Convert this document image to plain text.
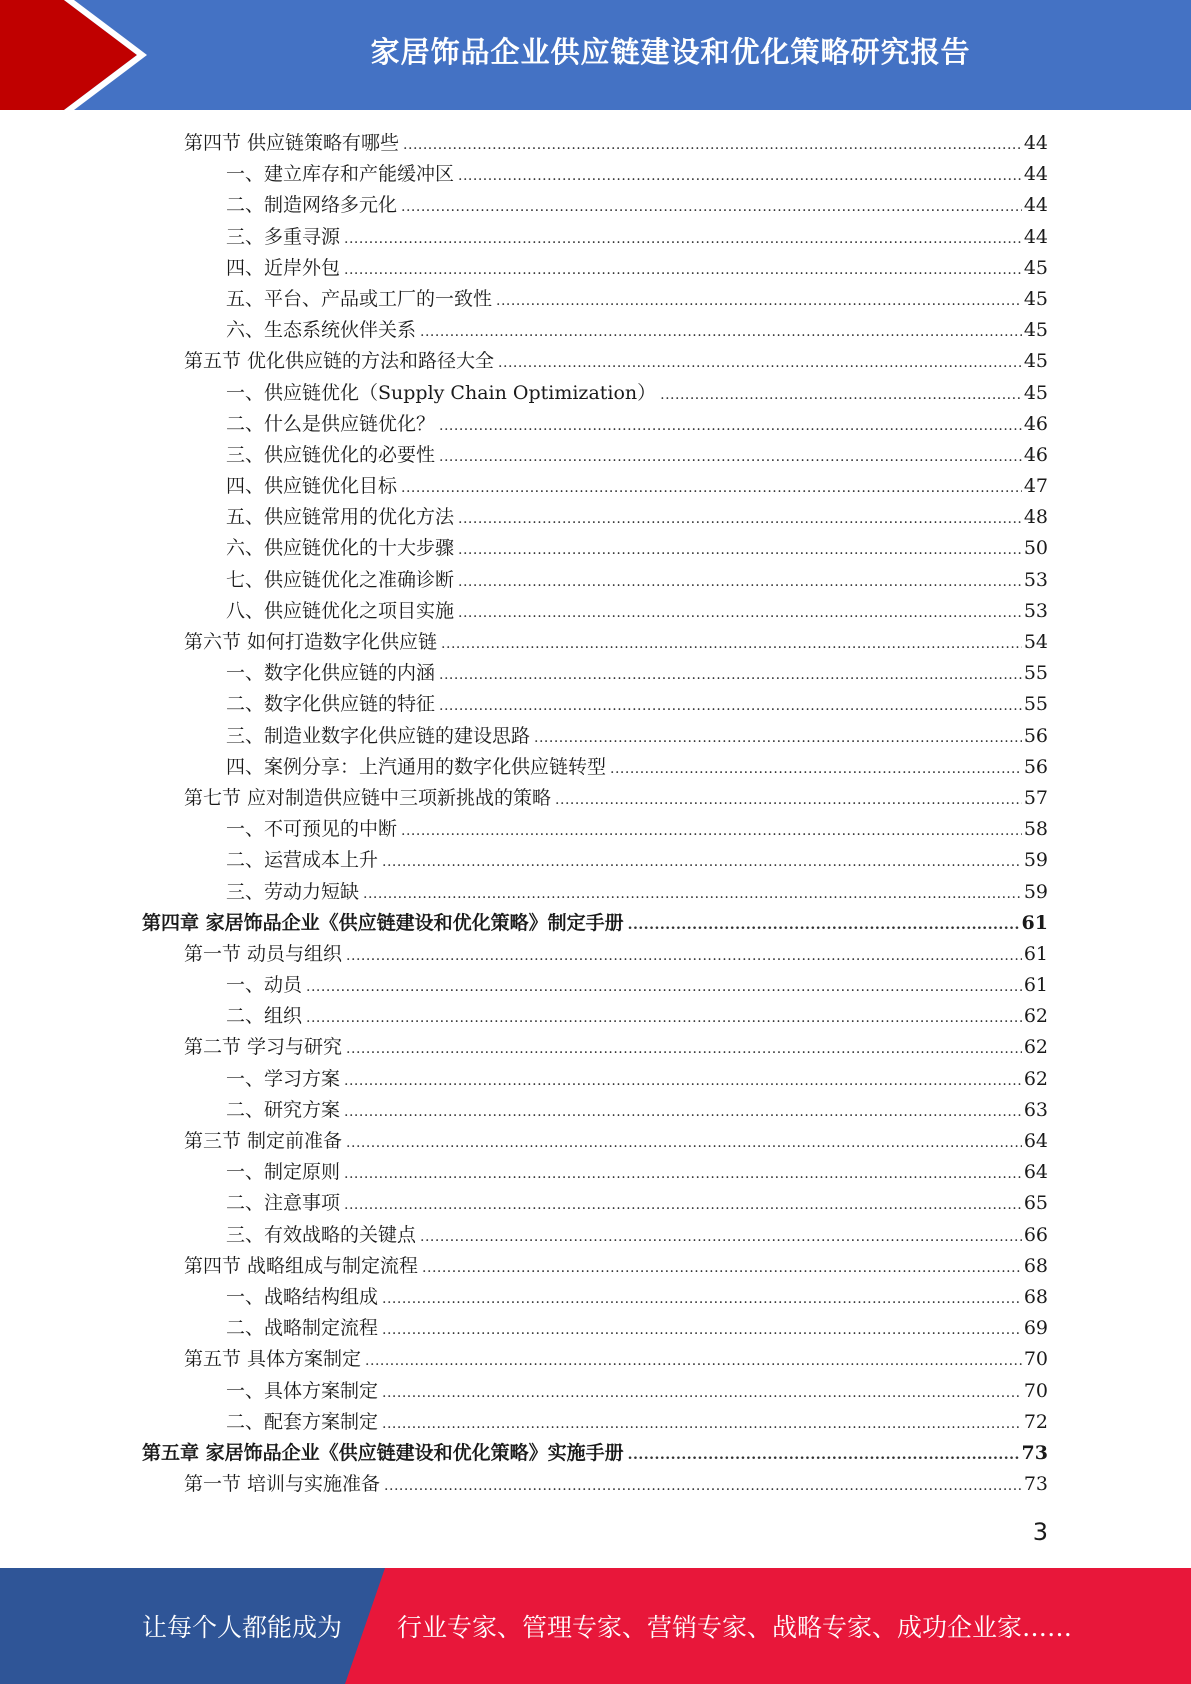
家居饰品企业供应链建设和优化策略研究报告
第四节 供应链策略有哪些 .....	44
一、建立库存和产能缓冲区 .....	44
二、制造网络多元化 .....	44
三、多重寻源 .....	44
四、近岸外包 .....	45
五、平台、产品或工厂的一致性 .....	45
六、生态系统伙伴关系 .....	45
第五节 优化供应链的方法和路径大全 .....	45
一、供应链优化（Supply Chain Optimization） .....	45
二、什么是供应链优化？ .....	46
三、供应链优化的必要性 .....	46
四、供应链优化目标 .....	47
五、供应链常用的优化方法 .....	48
六、供应链优化的十大步骤 .....	50
七、供应链优化之准确诊断 .....	53
八、供应链优化之项目实施 .....	53
第六节 如何打造数字化供应链 .....	54
一、数字化供应链的内涵 .....	55
二、数字化供应链的特征 .....	55
三、制造业数字化供应链的建设思路 .....	56
四、案例分享：上汽通用的数字化供应链转型 .....	56
第七节 应对制造供应链中三项新挑战的策略 .....	57
一、不可预见的中断 .....	58
二、运营成本上升 .....	59
三、劳动力短缺 .....	59
第四章 家居饰品企业《供应链建设和优化策略》制定手册 .....	61
第一节 动员与组织 .....	61
一、动员 .....	61
二、组织 .....	62
第二节 学习与研究 .....	62
一、学习方案 .....	62
二、研究方案 .....	63
第三节 制定前准备 .....	64
一、制定原则 .....	64
二、注意事项 .....	65
三、有效战略的关键点 .....	66
第四节 战略组成与制定流程 .....	68
一、战略结构组成 .....	68
二、战略制定流程 .....	69
第五节 具体方案制定 .....	70
一、具体方案制定 .....	70
二、配套方案制定 .....	72
第五章 家居饰品企业《供应链建设和优化策略》实施手册 .....	73
第一节 培训与实施准备 .....	73
3
让每个人都能成为 行业专家、管理专家、营销专家、战略专家、成功企业家……
